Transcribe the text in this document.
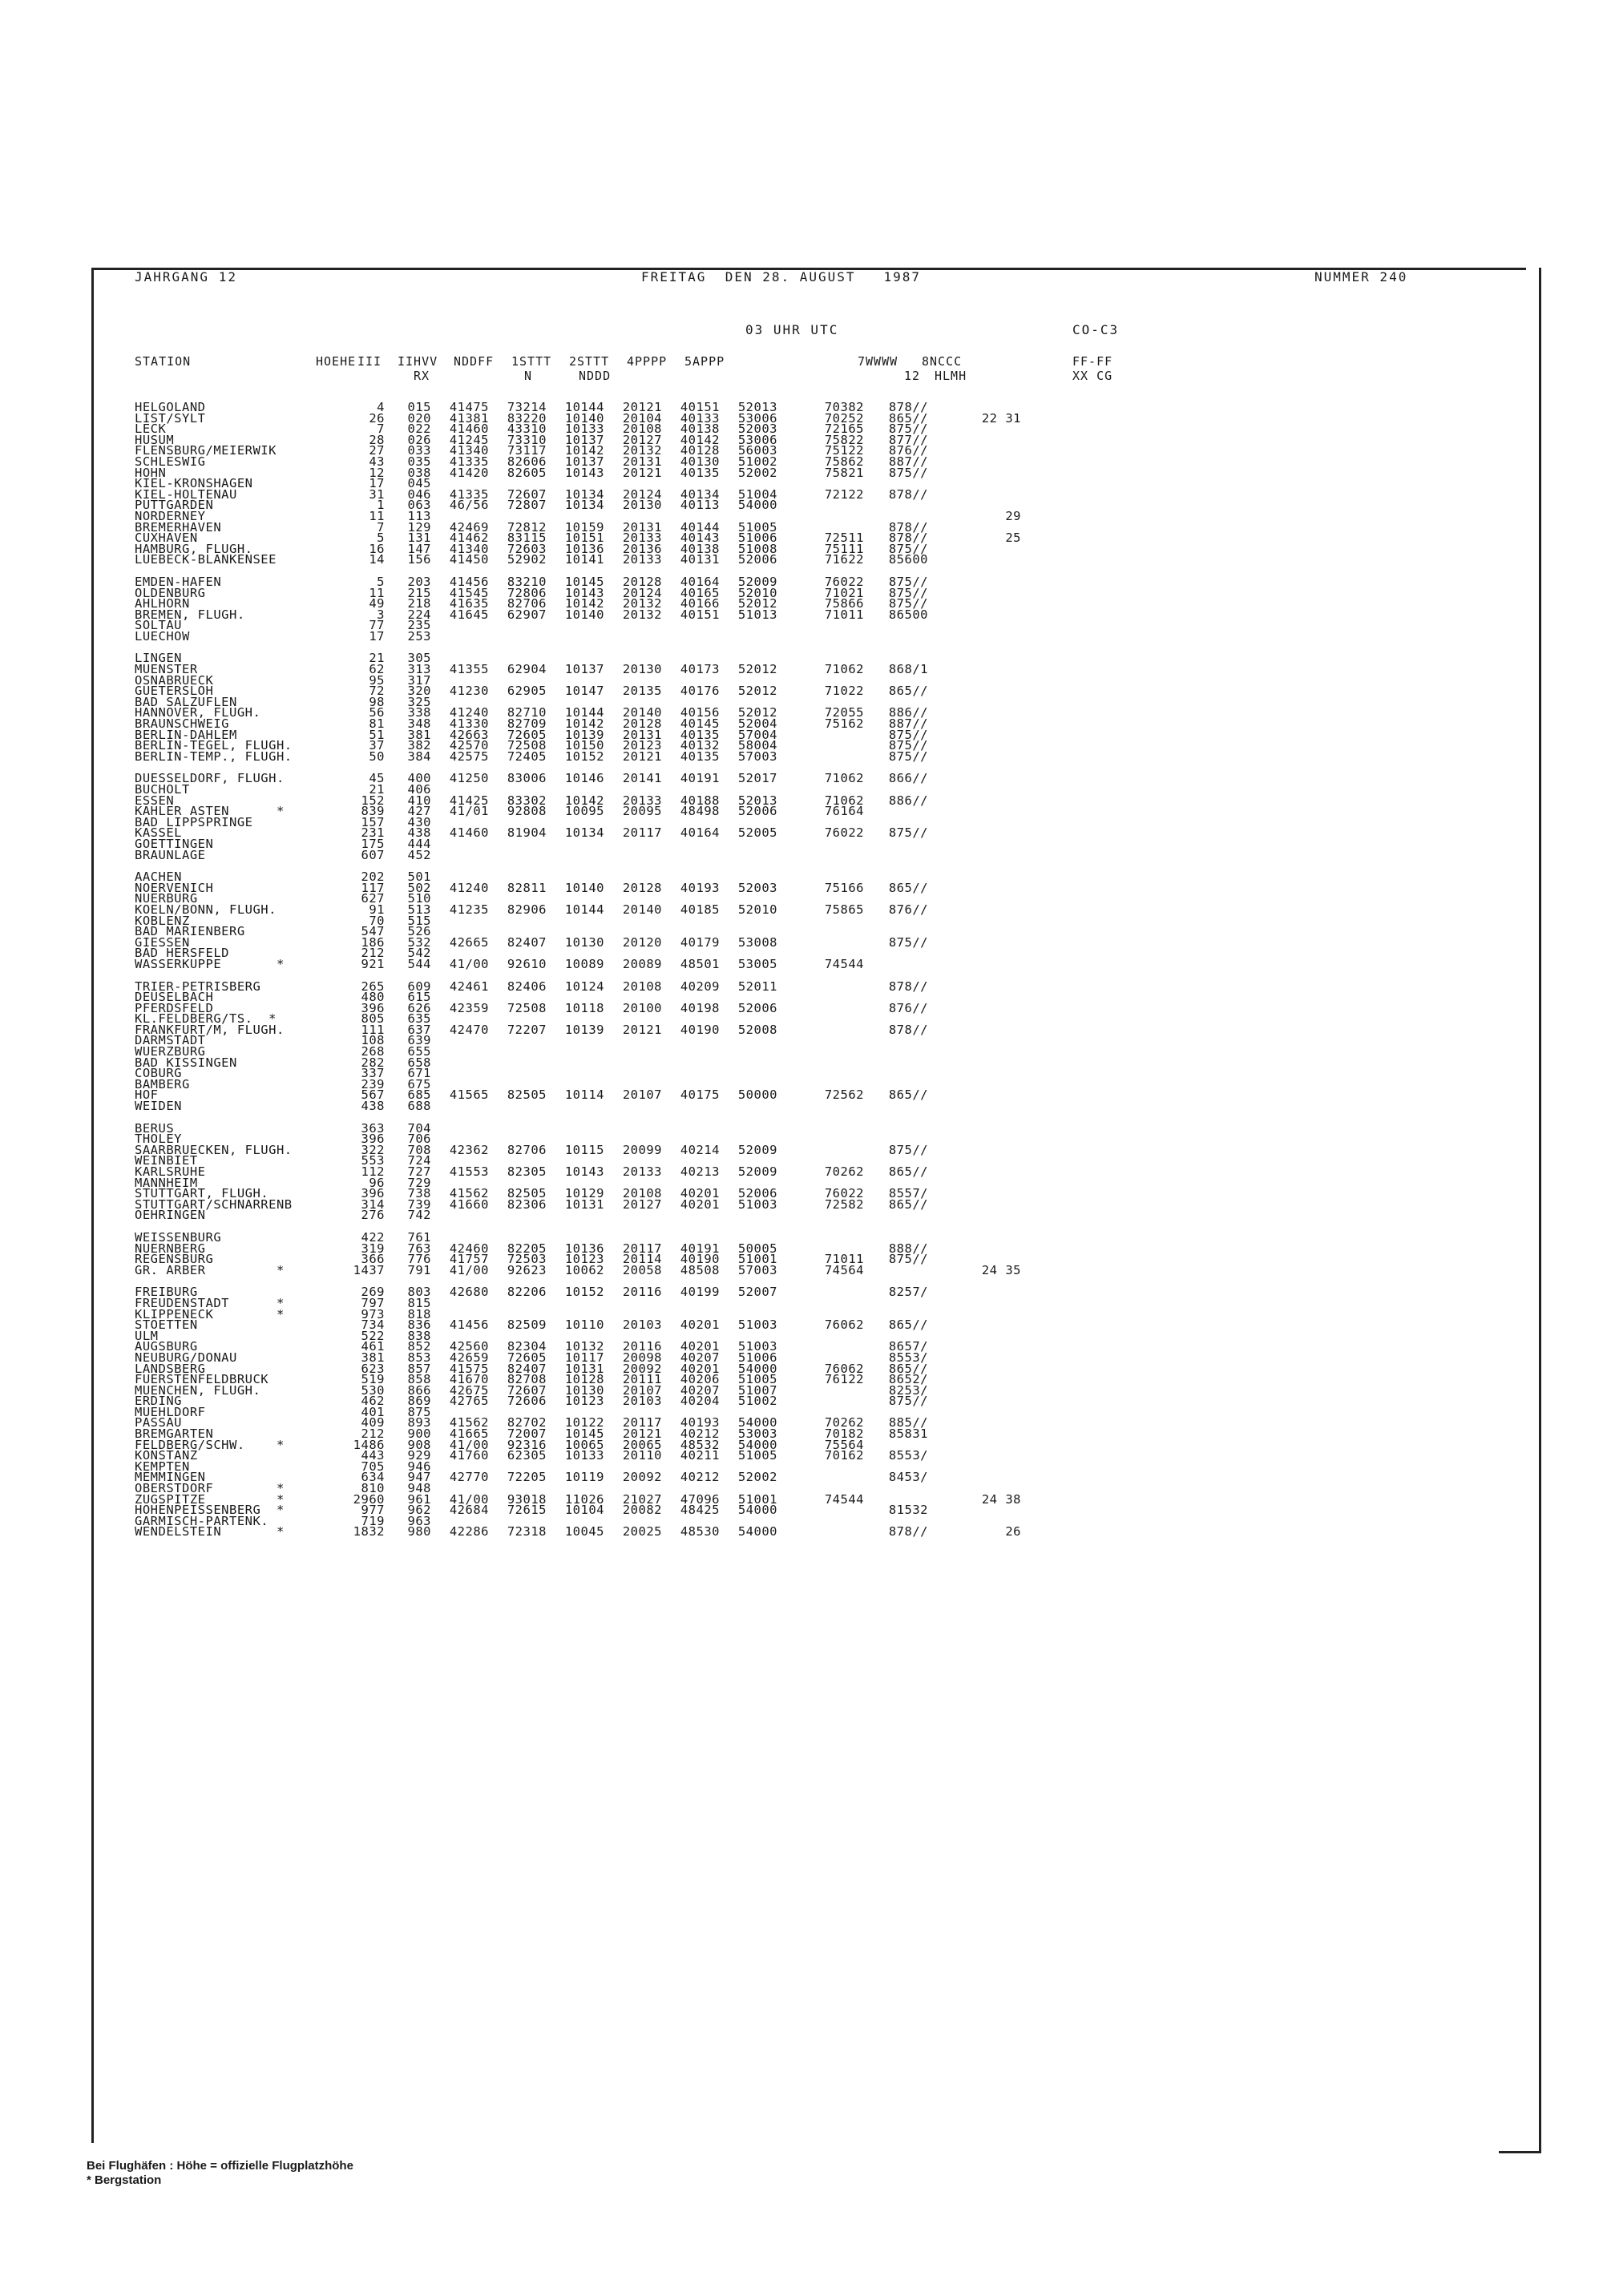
JAHRGANG 12	FREITAG  DEN 28. AUGUST   1987	NUMMER 240
03 UHR UTC	CO-C3
STATION	HOEHE III IIHVV NDDFF 1STTT 2STTT 4PPPP 5APPP	7WWWW 8NCCC	FF-FF
RX	N	NDDD	12 HLMH	XX CG
HELGOLAND	4	015	41475	73214	10144	20121	40151	52013		70382	878//		
LIST/SYLT	26	020	41381	83220	10140	20104	40133	53006		70252	865//		22 31
LECK	7	022	41460	43310	10133	20108	40138	52003		72165	875//		
HUSUM	28	026	41245	73310	10137	20127	40142	53006		75822	877//		
FLENSBURG/MEIERWIK	27	033	41340	73117	10142	20132	40128	56003		75122	876//		
SCHLESWIG	43	035	41335	82606	10137	20131	40130	51002		75862	887//		
HOHN	12	038	41420	82605	10143	20121	40135	52002		75821	875//		
KIEL-KRONSHAGEN	17	045											
KIEL-HOLTENAU	31	046	41335	72607	10134	20124	40134	51004		72122	878//		
PUTTGARDEN	1	063	46/56	72807	10134	20130	40113	54000					
NORDERNEY	11	113											29
BREMERHAVEN	7	129	42469	72812	10159	20131	40144	51005			878//		
CUXHAVEN	5	131	41462	83115	10151	20133	40143	51006		72511	878//		25
HAMBURG, FLUGH.	16	147	41340	72603	10136	20136	40138	51008		75111	875//		
LUEBECK-BLANKENSEE	14	156	41450	52902	10141	20133	40131	52006		71622	85600		

EMDEN-HAFEN	5	203	41456	83210	10145	20128	40164	52009		76022	875//		
OLDENBURG	11	215	41545	72806	10143	20124	40165	52010		71021	875//		
AHLHORN	49	218	41635	82706	10142	20132	40166	52012		75866	875//		
BREMEN, FLUGH.	3	224	41645	62907	10140	20132	40151	51013		71011	86500		
SOLTAU	77	235											
LUECHOW	17	253											

LINGEN	21	305											
MUENSTER	62	313	41355	62904	10137	20130	40173	52012		71062	868/1		
OSNABRUECK	95	317											
GUETERSLOH	72	320	41230	62905	10147	20135	40176	52012		71022	865//		
BAD SALZUFLEN	98	325											
HANNOVER, FLUGH.	56	338	41240	82710	10144	20140	40156	52012		72055	886//		
BRAUNSCHWEIG	81	348	41330	82709	10142	20128	40145	52004		75162	887//		
BERLIN-DAHLEM	51	381	42663	72605	10139	20131	40135	57004			875//		
BERLIN-TEGEL, FLUGH.	37	382	42570	72508	10150	20123	40132	58004			875//		
BERLIN-TEMP., FLUGH.	50	384	42575	72405	10152	20121	40135	57003			875//		

DUESSELDORF, FLUGH.	45	400	41250	83006	10146	20141	40191	52017		71062	866//		
BUCHOLT	21	406											
ESSEN	152	410	41425	83302	10142	20133	40188	52013		71062	886//		
KAHLER ASTEN      *	839	427	41/01	92808	10095	20095	48498	52006		76164			
BAD LIPPSPRINGE	157	430											
KASSEL	231	438	41460	81904	10134	20117	40164	52005		76022	875//		
GOETTINGEN	175	444											
BRAUNLAGE	607	452											

AACHEN	202	501											
NOERVENICH	117	502	41240	82811	10140	20128	40193	52003		75166	865//		
NUERBURG	627	510											
KOELN/BONN, FLUGH.	91	513	41235	82906	10144	20140	40185	52010		75865	876//		
KOBLENZ	70	515											
BAD MARIENBERG	547	526											
GIESSEN	186	532	42665	82407	10130	20120	40179	53008			875//		
BAD HERSFELD	212	542											
WASSERKUPPE       *	921	544	41/00	92610	10089	20089	48501	53005		74544			

TRIER-PETRISBERG	265	609	42461	82406	10124	20108	40209	52011			878//		
DEUSELBACH	480	615											
PFERDSFELD	396	626	42359	72508	10118	20100	40198	52006			876//		
KL.FELDBERG/TS.  *	805	635											
FRANKFURT/M, FLUGH.	111	637	42470	72207	10139	20121	40190	52008			878//		
DARMSTADT	108	639											
WUERZBURG	268	655											
BAD KISSINGEN	282	658											
COBURG	337	671											
BAMBERG	239	675											
HOF	567	685	41565	82505	10114	20107	40175	50000		72562	865//		
WEIDEN	438	688											

BERUS	363	704											
THOLEY	396	706											
SAARBRUECKEN, FLUGH.	322	708	42362	82706	10115	20099	40214	52009			875//		
WEINBIET	553	724											
KARLSRUHE	112	727	41553	82305	10143	20133	40213	52009		70262	865//		
MANNHEIM	96	729											
STUTTGART, FLUGH.	396	738	41562	82505	10129	20108	40201	52006		76022	8557/		
STUTTGART/SCHNARRENB	314	739	41660	82306	10131	20127	40201	51003		72582	865//		
OEHRINGEN	276	742											

WEISSENBURG	422	761											
NUERNBERG	319	763	42460	82205	10136	20117	40191	50005			888//		
REGENSBURG	366	776	41757	72503	10123	20114	40190	51001		71011	875//		
GR. ARBER         *	1437	791	41/00	92623	10062	20058	48508	57003		74564			24 35

FREIBURG	269	803	42680	82206	10152	20116	40199	52007			8257/		
FREUDENSTADT      *	797	815											
KLIPPENECK        *	973	818											
STOETTEN	734	836	41456	82509	10110	20103	40201	51003		76062	865//		
ULM	522	838											
AUGSBURG	461	852	42560	82304	10132	20116	40201	51003			8657/		
NEUBURG/DONAU	381	853	42659	72605	10117	20098	40207	51006			8553/		
LANDSBERG	623	857	41575	82407	10131	20092	40201	54000		76062	865//		
FUERSTENFELDBRUCK	519	858	41670	82708	10128	20111	40206	51005		76122	8652/		
MUENCHEN, FLUGH.	530	866	42675	72607	10130	20107	40207	51007			8253/		
ERDING	462	869	42765	72606	10123	20103	40204	51002			875//		
MUEHLDORF	401	875											
PASSAU	409	893	41562	82702	10122	20117	40193	54000		70262	885//		
BREMGARTEN	212	900	41665	72007	10145	20121	40212	53003		70182	85831		
FELDBERG/SCHW.    *	1486	908	41/00	92316	10065	20065	48532	54000		75564			
KONSTANZ	443	929	41760	62305	10133	20110	40211	51005		70162	8553/		
KEMPTEN	705	946											
MEMMINGEN	634	947	42770	72205	10119	20092	40212	52002			8453/		
OBERSTDORF        *	810	948											
ZUGSPITZE         *	2960	961	41/00	93018	11026	21027	47096	51001		74544			24 38
HOHENPEISSENBERG  *	977	962	42684	72615	10104	20082	48425	54000			81532		
GARMISCH-PARTENK.	719	963											
WENDELSTEIN       *	1832	980	42286	72318	10045	20025	48530	54000			878//		26
Bei Flughäfen : Höhe = offizielle Flugplatzhöhe
* Bergstation
